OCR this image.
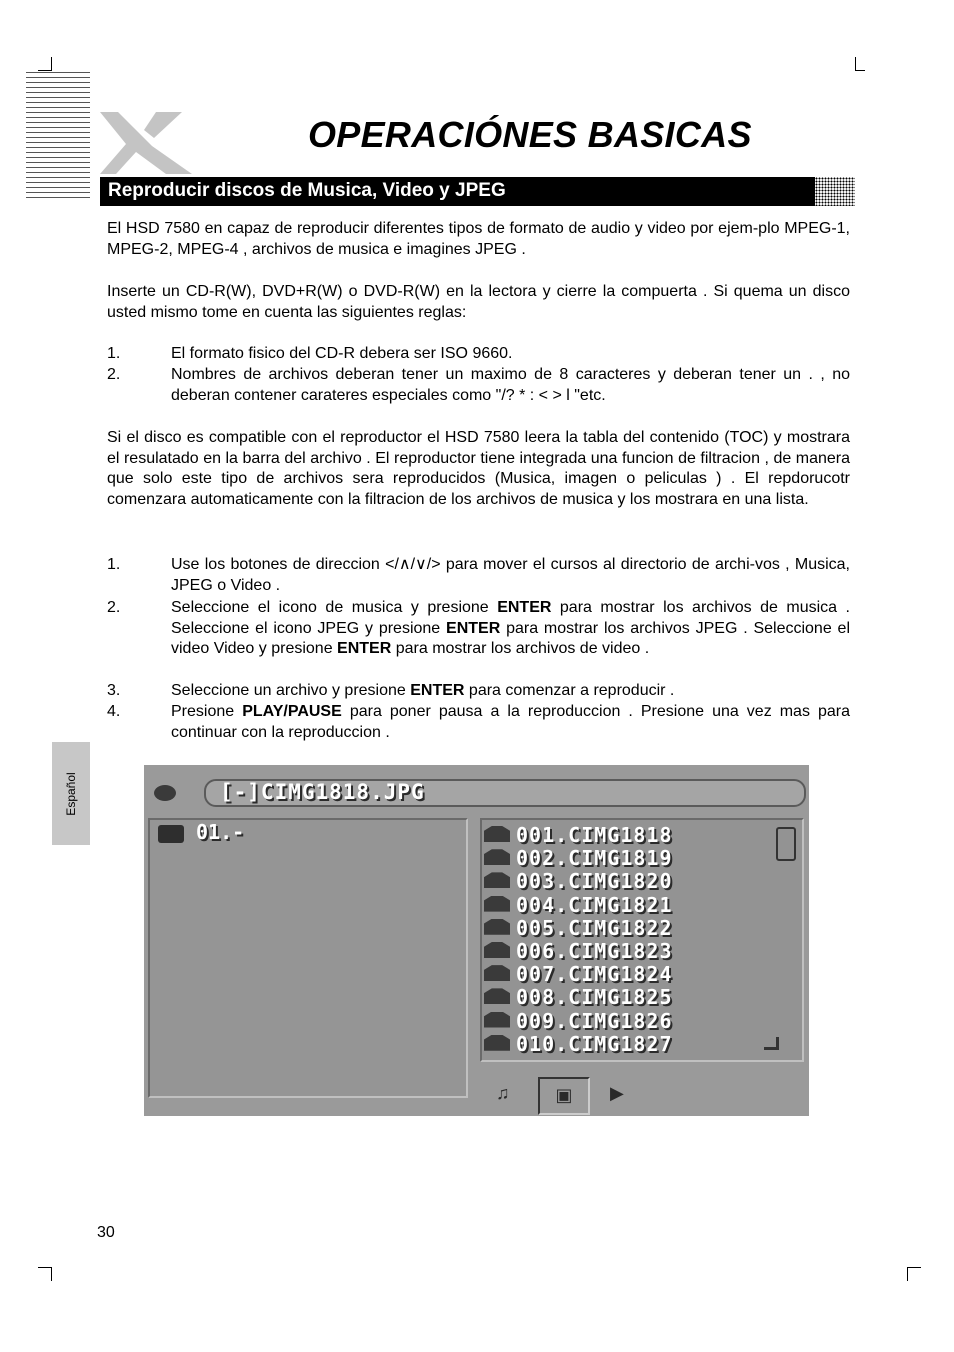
OPERACIÓNES BASICAS
Reproducir discos de Musica, Video y JPEG

El HSD 7580 en capaz de reproducir diferentes tipos de formato de audio y video por ejem-plo MPEG-1, MPEG-2, MPEG-4 , archivos de musica e imagines JPEG .

Inserte un CD-R(W), DVD+R(W) o DVD-R(W) en la lectora y cierre la compuerta . Si quema un disco usted mismo tome en cuenta las siguientes reglas:

1.	El formato fisico del CD-R debera ser ISO 9660.
2.	Nombres de archivos deberan tener un maximo de 8 caracteres y deberan tener un . , no deberan contener carateres especiales como "/? * : < > l "etc.

Si el disco es compatible con el reproductor el HSD 7580 leera la tabla del contenido (TOC) y mostrara el resulatado en la barra del archivo . El reproductor tiene integrada una funcion de filtracion , de manera que solo este tipo de archivos sera reproducidos (Musica, imagen o peliculas ) . El repdorucotr comenzara automaticamente con la filtracion de los archivos de musica y los mostrara en una lista.

1.	Use los botones de direccion </∧/∨/> para mover el cursos al directorio de archi-vos , Musica, JPEG o Video .
2.	Seleccione el icono de musica y presione ENTER para mostrar los archivos de musica . Seleccione el icono JPEG y presione ENTER para mostrar los archivos JPEG . Seleccione el video Video y presione ENTER para mostrar los archivos de video .
3.	Seleccione un archivo y presione ENTER para comenzar a reproducir .
4.	Presione PLAY/PAUSE para poner pausa a la reproduccion . Presione una vez mas para continuar con la reproduccion .
Español	[-]CIMG1818.JPG
01.-	001.CIMG1818
002.CIMG1819
003.CIMG1820
004.CIMG1821
005.CIMG1822
006.CIMG1823
007.CIMG1824
008.CIMG1825
009.CIMG1826
010.CIMG1827
♫	▣	▶
30
